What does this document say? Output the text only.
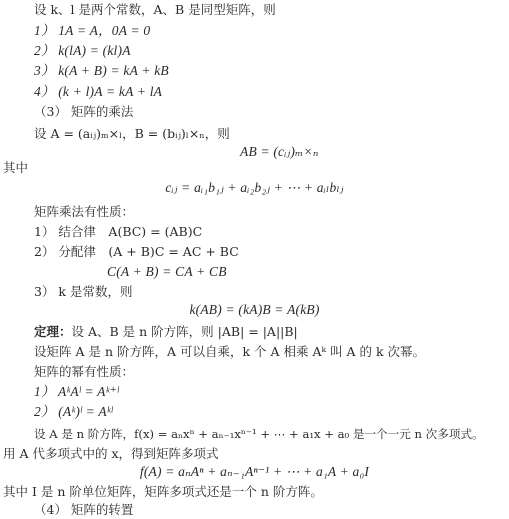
设 k、l 是两个常数，A、B 是同型矩阵，则
1） 1A = A，0A = 0
2） k(lA) = (kl)A
3） k(A + B) = kA + kB
4） (k + l)A = kA + lA
（3） 矩阵的乘法
设 A = (aᵢⱼ)ₘ×ₗ，B = (bᵢⱼ)ₗ×ₙ，则
AB = (cᵢⱼ)ₘ×ₙ
其中
cᵢⱼ = aᵢ₁b₁ⱼ + aᵢ₂b₂ⱼ + ⋯ + aᵢₗbₗⱼ
矩阵乘法有性质：
1） 结合律　A(BC) = (AB)C
2） 分配律　(A + B)C = AC + BC
C(A + B) = CA + CB
3） k 是常数，则
k(AB) = (kA)B = A(kB)
定理：设 A、B 是 n 阶方阵，则 |AB| = |A||B|
设矩阵 A 是 n 阶方阵，A 可以自乘，k 个 A 相乘 Aᵏ 叫 A 的 k 次幂。
矩阵的幂有性质：
1） AᵏAˡ = Aᵏ⁺ˡ
2） (Aᵏ)ˡ = Aᵏˡ
设 A 是 n 阶方阵，f(x) = aₙxⁿ + aₙ₋₁xⁿ⁻¹ + ⋯ + a₁x + a₀ 是一个一元 n 次多项式。
用 A 代多项式中的 x，得到矩阵多项式
f(A) = aₙAⁿ + aₙ₋₁Aⁿ⁻¹ + ⋯ + a₁A + a₀I
其中 I 是 n 阶单位矩阵，矩阵多项式还是一个 n 阶方阵。
（4） 矩阵的转置
